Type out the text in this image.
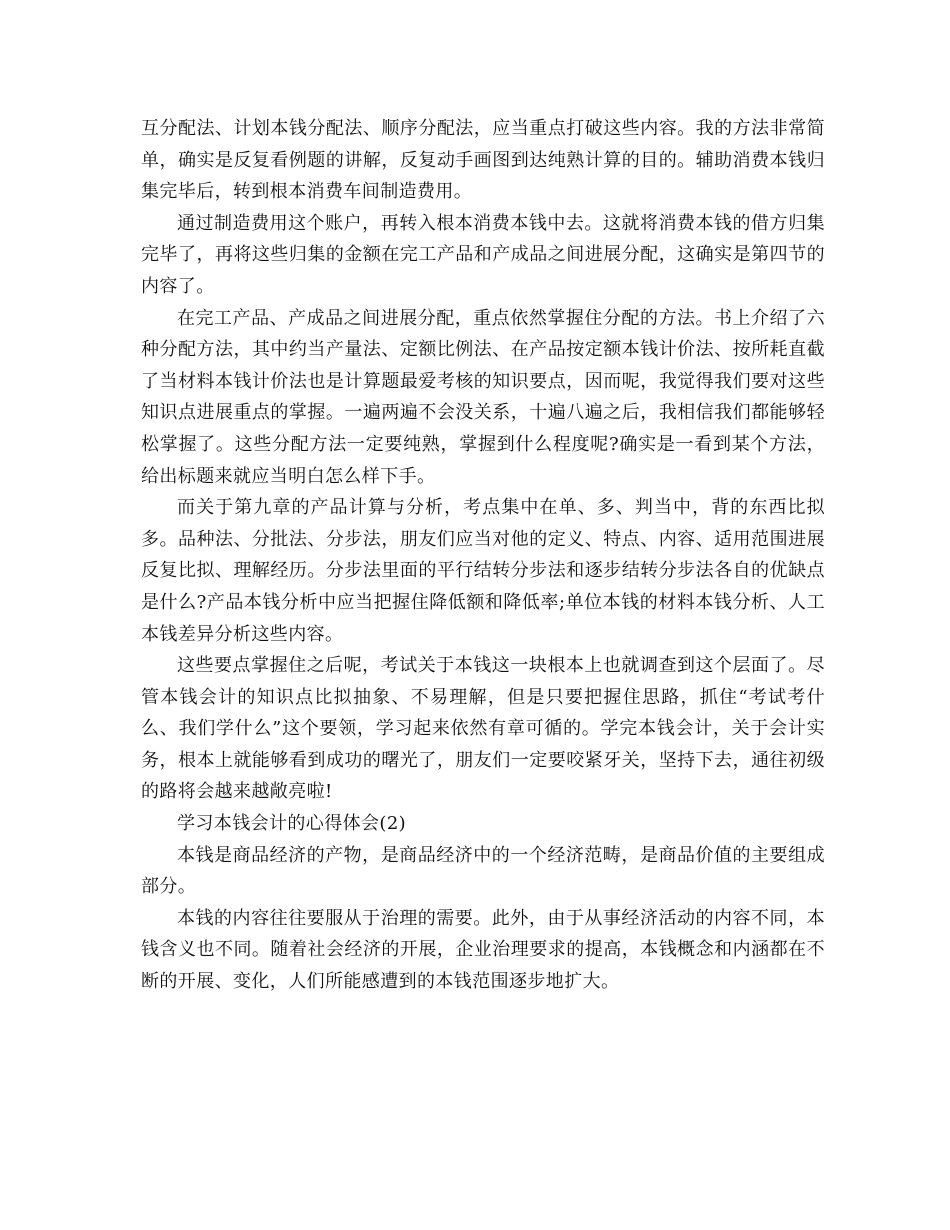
互分配法、计划本钱分配法、顺序分配法，应当重点打破这些内容。我的方法非常简单，确实是反复看例题的讲解，反复动手画图到达纯熟计算的目的。辅助消费本钱归集完毕后，转到根本消费车间制造费用。

通过制造费用这个账户，再转入根本消费本钱中去。这就将消费本钱的借方归集完毕了，再将这些归集的金额在完工产品和产成品之间进展分配，这确实是第四节的内容了。

在完工产品、产成品之间进展分配，重点依然掌握住分配的方法。书上介绍了六种分配方法，其中约当产量法、定额比例法、在产品按定额本钱计价法、按所耗直截了当材料本钱计价法也是计算题最爱考核的知识要点，因而呢，我觉得我们要对这些知识点进展重点的掌握。一遍两遍不会没关系，十遍八遍之后，我相信我们都能够轻松掌握了。这些分配方法一定要纯熟，掌握到什么程度呢?确实是一看到某个方法，给出标题来就应当明白怎么样下手。

而关于第九章的产品计算与分析，考点集中在单、多、判当中，背的东西比拟多。品种法、分批法、分步法，朋友们应当对他的定义、特点、内容、适用范围进展反复比拟、理解经历。分步法里面的平行结转分步法和逐步结转分步法各自的优缺点是什么?产品本钱分析中应当把握住降低额和降低率;单位本钱的材料本钱分析、人工本钱差异分析这些内容。

这些要点掌握住之后呢，考试关于本钱这一块根本上也就调查到这个层面了。尽管本钱会计的知识点比拟抽象、不易理解，但是只要把握住思路，抓住“考试考什么、我们学什么”这个要领，学习起来依然有章可循的。学完本钱会计，关于会计实务，根本上就能够看到成功的曙光了，朋友们一定要咬紧牙关，坚持下去，通往初级的路将会越来越敞亮啦!

学习本钱会计的心得体会(2)

本钱是商品经济的产物，是商品经济中的一个经济范畴，是商品价值的主要组成部分。

本钱的内容往往要服从于治理的需要。此外，由于从事经济活动的内容不同，本钱含义也不同。随着社会经济的开展，企业治理要求的提高，本钱概念和内涵都在不断的开展、变化，人们所能感遭到的本钱范围逐步地扩大。
